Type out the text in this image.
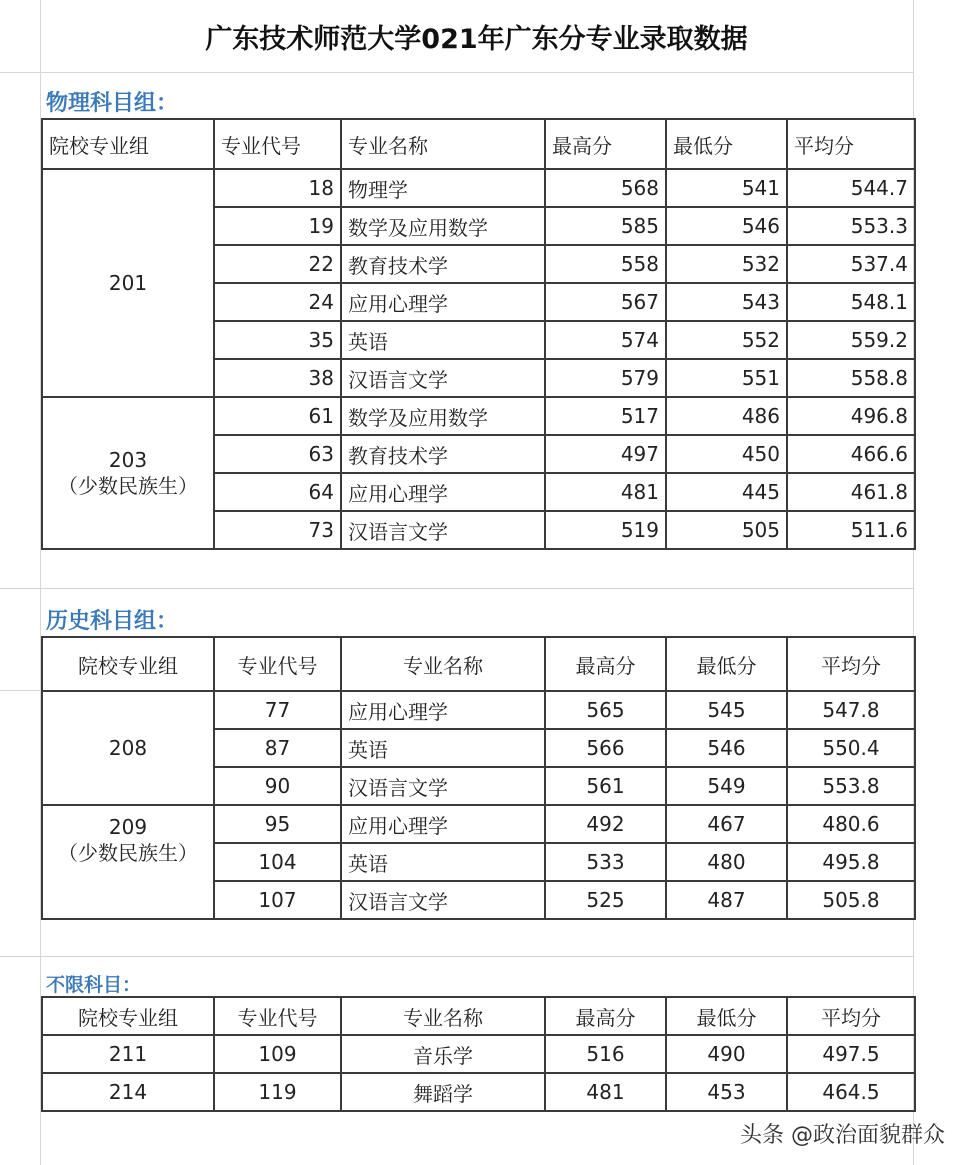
广东技术师范大学021年广东分专业录取数据
物理科目组：
院校专业组	专业代号	专业名称	最高分	最低分	平均分

201	18	物理学	568	541	544.7
	19	数学及应用数学	585	546	553.3
	22	教育技术学	558	532	537.4
	24	应用心理学	567	543	548.1
	35	英语	574	552	559.2
	38	汉语言文学	579	551	558.8

203
（少数民族生）	61	数学及应用数学	517	486	496.8
	63	教育技术学	497	450	466.6
	64	应用心理学	481	445	461.8
	73	汉语言文学	519	505	511.6
历史科目组：
院校专业组	专业代号	专业名称	最高分	最低分	平均分

208	77	应用心理学	565	545	547.8
	87	英语	566	546	550.4
	90	汉语言文学	561	549	553.8

209
（少数民族生）	95	应用心理学	492	467	480.6
	104	英语	533	480	495.8
	107	汉语言文学	525	487	505.8
不限科目：
院校专业组	专业代号	专业名称	最高分	最低分	平均分
211	109	音乐学	516	490	497.5
214	119	舞蹈学	481	453	464.5
头条 @政治面貌群众
